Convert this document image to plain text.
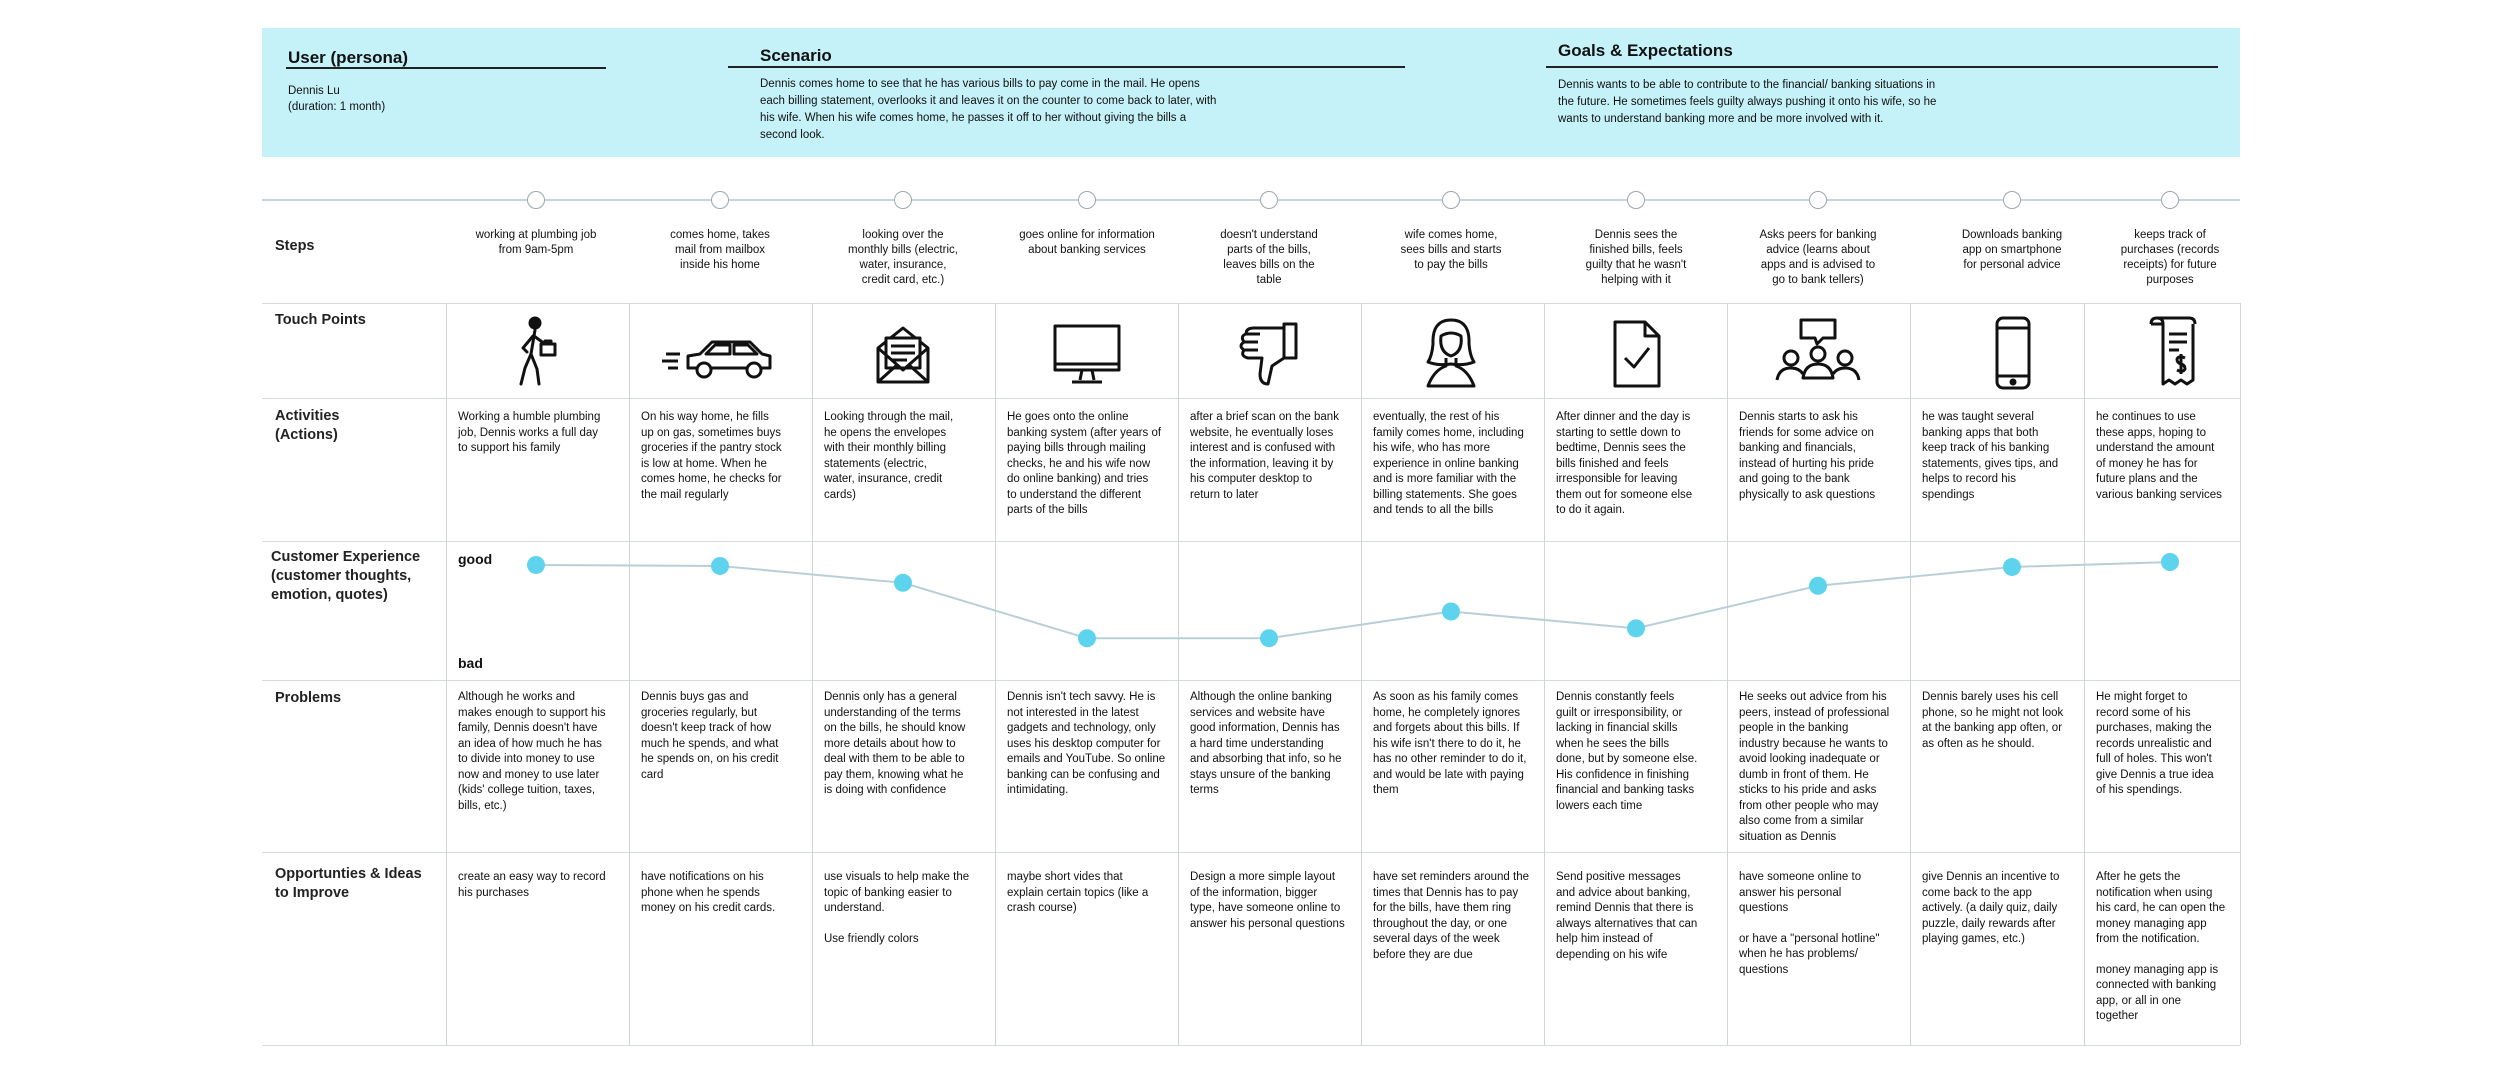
User (persona)
Dennis Lu
(duration: 1 month)
Scenario
Dennis comes home to see that he has various bills to pay come in the mail. He opens
each billing statement, overlooks it and leaves it on the counter to come back to later, with
his wife. When his wife comes home, he passes it off to her without giving the bills a
second look.
Goals & Expectations
Dennis wants to be able to contribute to the financial/ banking situations in
the future. He sometimes feels guilty always pushing it onto his wife, so he
wants to understand banking more and be more involved with it.
Steps
Touch Points
Activities
(Actions)
Customer Experience
(customer thoughts,
emotion, quotes)
Problems
Opportunties & Ideas
to Improve
working at plumbing job
from 9am-5pm
comes home, takes
mail from mailbox
inside his home
looking over the
monthly bills (electric,
water, insurance,
credit card, etc.)
goes online for information
about banking services
doesn't understand
parts of the bills,
leaves bills on the
table
wife comes home,
sees bills and starts
to pay the bills
Dennis sees the
finished bills, feels
guilty that he wasn't
helping with it
Asks peers for banking
advice (learns about
apps and is advised to
go to bank tellers)
Downloads banking
app on smartphone
for personal advice
keeps track of
purchases (records
receipts) for future
purposes
Working a humble plumbing
job, Dennis works a full day
to support his family
On his way home, he fills
up on gas, sometimes buys
groceries if the pantry stock
is low at home. When he
comes home, he checks for
the mail regularly
Looking through the mail,
he opens the envelopes
with their monthly billing
statements (electric,
water, insurance, credit
cards)
He goes onto the online
banking system (after years of
paying bills through mailing
checks, he and his wife now
do online banking) and tries
to understand the different
parts of the bills
after a brief scan on the bank
website, he eventually loses
interest and is confused with
the information, leaving it by
his computer desktop to
return to later
eventually, the rest of his
family comes home, including
his wife, who has more
experience in online banking
and is more familiar with the
billing statements. She goes
and tends to all the bills
After dinner and the day is
starting to settle down to
bedtime, Dennis sees the
bills finished and feels
irresponsible for leaving
them out for someone else
to do it again.
Dennis starts to ask his
friends for some advice on
banking and financials,
instead of hurting his pride
and going to the bank
physically to ask questions
he was taught several
banking apps that both
keep track of his banking
statements, gives tips, and
helps to record his
spendings
he continues to use
these apps, hoping to
understand the amount
of money he has for
future plans and the
various banking services
Although he works and
makes enough to support his
family, Dennis doesn't have
an idea of how much he has
to divide into money to use
now and money to use later
(kids' college tuition, taxes,
bills, etc.)
Dennis buys gas and
groceries regularly, but
doesn't keep track of how
much he spends, and what
he spends on, on his credit
card
Dennis only has a general
understanding of the terms
on the bills, he should know
more details about how to
deal with them to be able to
pay them, knowing what he
is doing with confidence
Dennis isn't tech savvy. He is
not interested in the latest
gadgets and technology, only
uses his desktop computer for
emails and YouTube. So online
banking can be confusing and
intimidating.
Although the online banking
services and website have
good information, Dennis has
a hard time understanding
and absorbing that info, so he
stays unsure of the banking
terms
As soon as his family comes
home, he completely ignores
and forgets about this bills. If
his wife isn't there to do it, he
has no other reminder to do it,
and would be late with paying
them
Dennis constantly feels
guilt or irresponsibility, or
lacking in financial skills
when he sees the bills
done, but by someone else.
His confidence in finishing
financial and banking tasks
lowers each time
He seeks out advice from his
peers, instead of professional
people in the banking
industry because he wants to
avoid looking inadequate or
dumb in front of them. He
sticks to his pride and asks
from other people who may
also come from a similar
situation as Dennis
Dennis barely uses his cell
phone, so he might not look
at the banking app often, or
as often as he should.
He might forget to
record some of his
purchases, making the
records unrealistic and
full of holes. This won't
give Dennis a true idea
of his spendings.
create an easy way to record
his purchases
have notifications on his
phone when he spends
money on his credit cards.
use visuals to help make the
topic of banking easier to
understand.
Use friendly colors
maybe short vides that
explain certain topics (like a
crash course)
Design a more simple layout
of the information, bigger
type, have someone online to
answer his personal questions
have set reminders around the
times that Dennis has to pay
for the bills, have them ring
throughout the day, or one
several days of the week
before they are due
Send positive messages
and advice about banking,
remind Dennis that there is
always alternatives that can
help him instead of
depending on his wife
have someone online to
answer his personal
questions
or have a "personal hotline"
when he has problems/
questions
give Dennis an incentive to
come back to the app
actively. (a daily quiz, daily
puzzle, daily rewards after
playing games, etc.)
After he gets the
notification when using
his card, he can open the
money managing app
from the notification.
money managing app is
connected with banking
app, or all in one
together
good
bad
